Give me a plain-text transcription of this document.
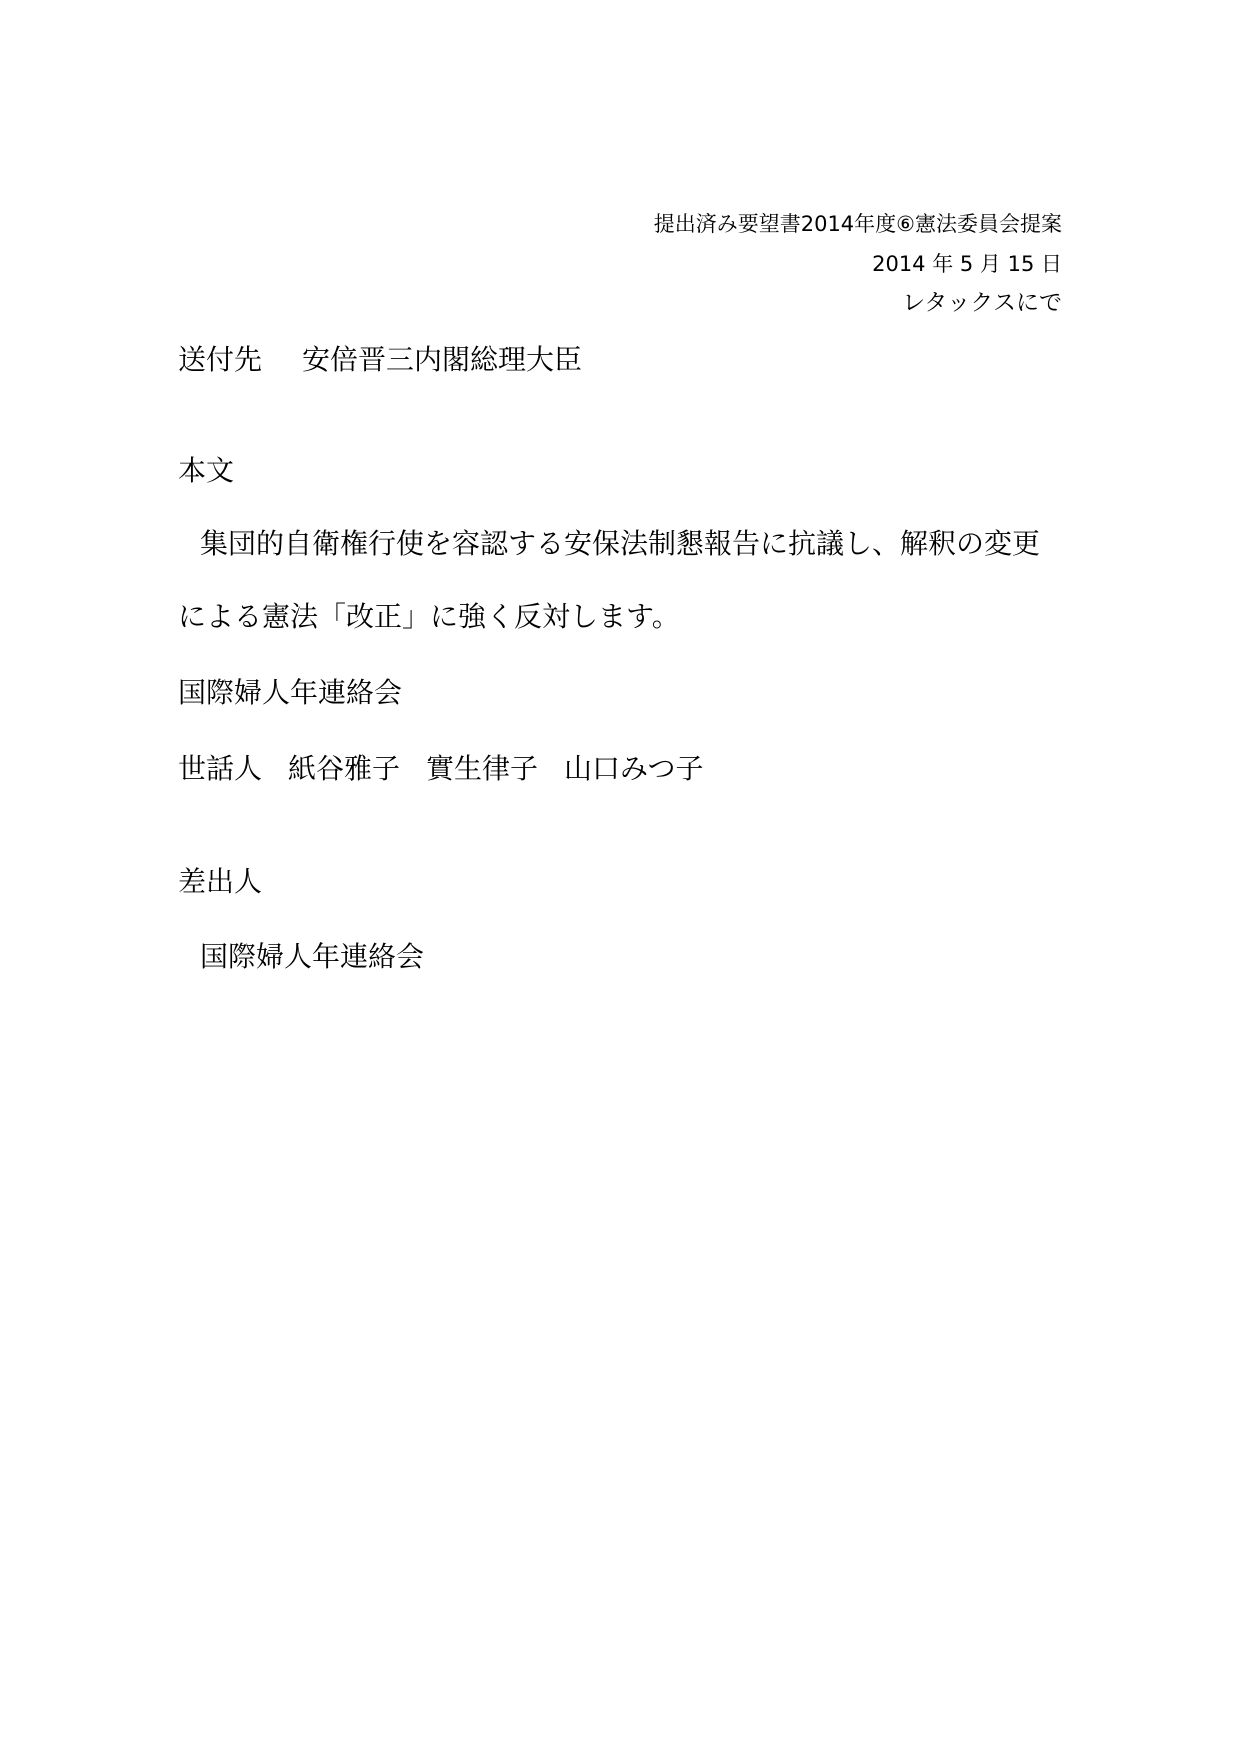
提出済み要望書2014年度⑥憲法委員会提案
2014 年 5 月 15 日
レタックスにで
送付先 安倍晋三内閣総理大臣
本文
集団的自衛権行使を容認する安保法制懇報告に抗議し、解釈の変更
による憲法「改正」に強く反対します。
国際婦人年連絡会
世話人 紙谷雅子 實生律子 山口みつ子
差出人
国際婦人年連絡会
